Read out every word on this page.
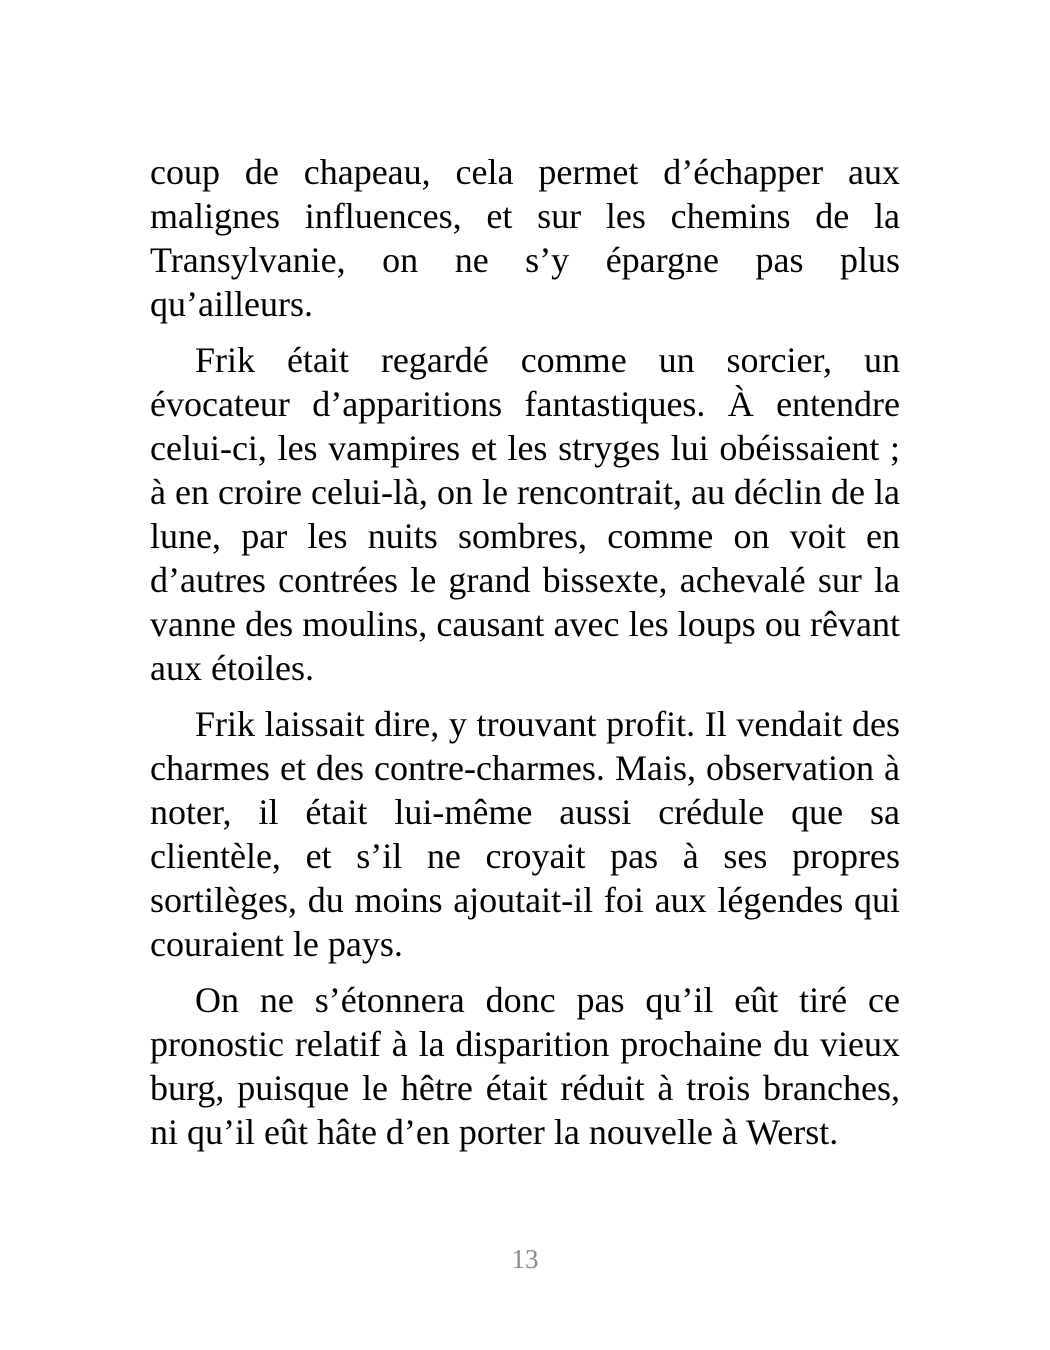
coup de chapeau, cela permet d’échapper aux malignes influences, et sur les chemins de la Transylvanie, on ne s’y épargne pas plus qu’ailleurs.

Frik était regardé comme un sorcier, un évocateur d’apparitions fantastiques. À entendre celui-ci, les vampires et les stryges lui obéissaient ; à en croire celui-là, on le rencontrait, au déclin de la lune, par les nuits sombres, comme on voit en d’autres contrées le grand bissexte, achevalé sur la vanne des moulins, causant avec les loups ou rêvant aux étoiles.

Frik laissait dire, y trouvant profit. Il vendait des charmes et des contre-charmes. Mais, observation à noter, il était lui-même aussi crédule que sa clientèle, et s’il ne croyait pas à ses propres sortilèges, du moins ajoutait-il foi aux légendes qui couraient le pays.

On ne s’étonnera donc pas qu’il eût tiré ce pronostic relatif à la disparition prochaine du vieux burg, puisque le hêtre était réduit à trois branches, ni qu’il eût hâte d’en porter la nouvelle à Werst.

13
